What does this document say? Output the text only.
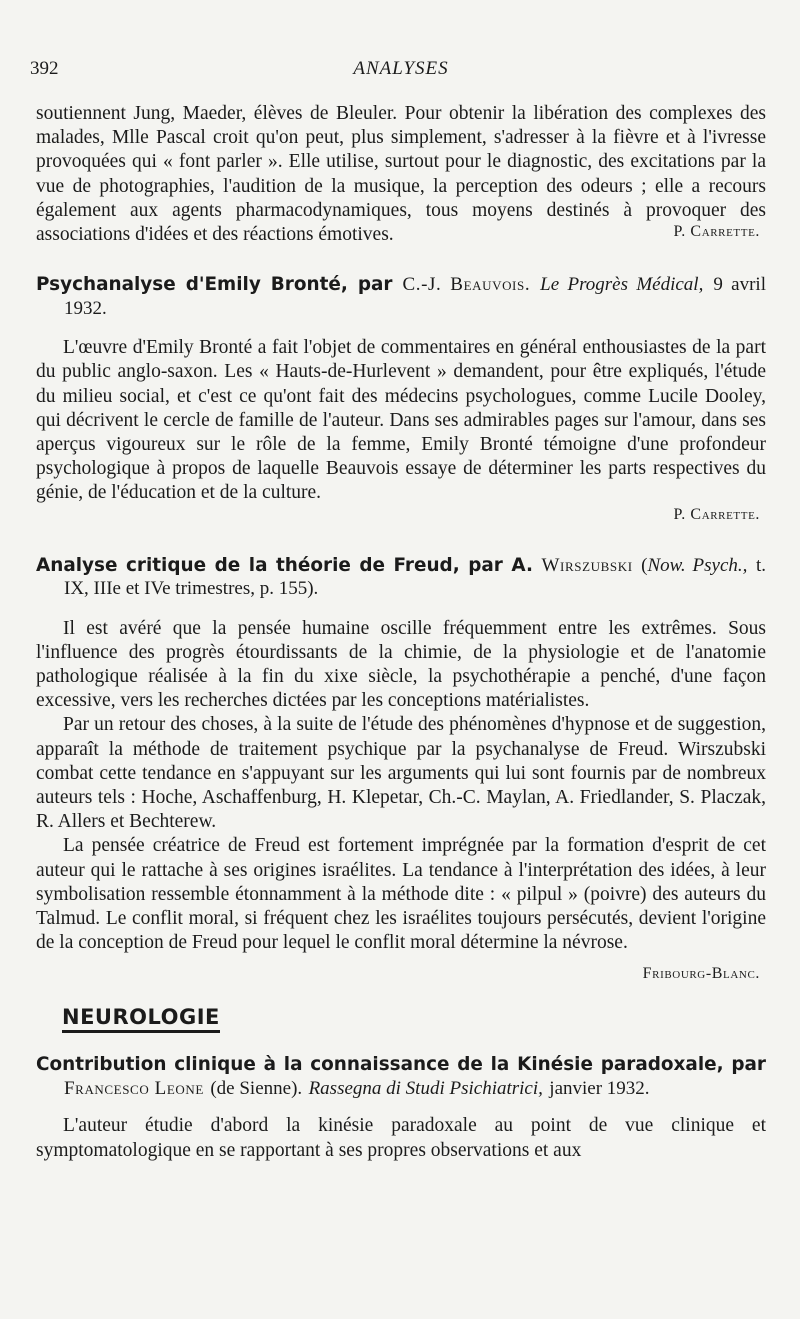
392	ANALYSES

soutiennent Jung, Maeder, élèves de Bleuler. Pour obtenir la libération des complexes des malades, Mlle Pascal croit qu'on peut, plus simplement, s'adresser à la fièvre et à l'ivresse provoquées qui « font parler ». Elle utilise, surtout pour le diagnostic, des excitations par la vue de photographies, l'audition de la musique, la perception des odeurs ; elle a recours également aux agents pharmacodynamiques, tous moyens destinés à provoquer des associations d'idées et des réactions émotives.	P. Carrette.

Psychanalyse d'Emily Bronté, par C.-J. Beauvois. Le Progrès Médical, 9 avril 1932.

L'œuvre d'Emily Bronté a fait l'objet de commentaires en général enthousiastes de la part du public anglo-saxon. Les « Hauts-de-Hurlevent » demandent, pour être expliqués, l'étude du milieu social, et c'est ce qu'ont fait des médecins psychologues, comme Lucile Dooley, qui décrivent le cercle de famille de l'auteur. Dans ses admirables pages sur l'amour, dans ses aperçus vigoureux sur le rôle de la femme, Emily Bronté témoigne d'une profondeur psychologique à propos de laquelle Beauvois essaye de déterminer les parts respectives du génie, de l'éducation et de la culture.

P. Carrette.

Analyse critique de la théorie de Freud, par A. Wirszubski (Now. Psych., t. IX, IIIe et IVe trimestres, p. 155).

Il est avéré que la pensée humaine oscille fréquemment entre les extrêmes. Sous l'influence des progrès étourdissants de la chimie, de la physiologie et de l'anatomie pathologique réalisée à la fin du xixe siècle, la psychothérapie a penché, d'une façon excessive, vers les recherches dictées par les conceptions matérialistes.

Par un retour des choses, à la suite de l'étude des phénomènes d'hypnose et de suggestion, apparaît la méthode de traitement psychique par la psychanalyse de Freud. Wirszubski combat cette tendance en s'appuyant sur les arguments qui lui sont fournis par de nombreux auteurs tels : Hoche, Aschaffenburg, H. Klepetar, Ch.-C. Maylan, A. Friedlander, S. Placzak, R. Allers et Bechterew.

La pensée créatrice de Freud est fortement imprégnée par la formation d'esprit de cet auteur qui le rattache à ses origines israélites. La tendance à l'interprétation des idées, à leur symbolisation ressemble étonnamment à la méthode dite : « pilpul » (poivre) des auteurs du Talmud. Le conflit moral, si fréquent chez les israélites toujours persécutés, devient l'origine de la conception de Freud pour lequel le conflit moral détermine la névrose.

Fribourg-Blanc.
NEUROLOGIE

Contribution clinique à la connaissance de la Kinésie paradoxale, par Francesco Leone (de Sienne). Rassegna di Studi Psichiatrici, janvier 1932.

L'auteur étudie d'abord la kinésie paradoxale au point de vue clinique et symptomatologique en se rapportant à ses propres observations et aux
